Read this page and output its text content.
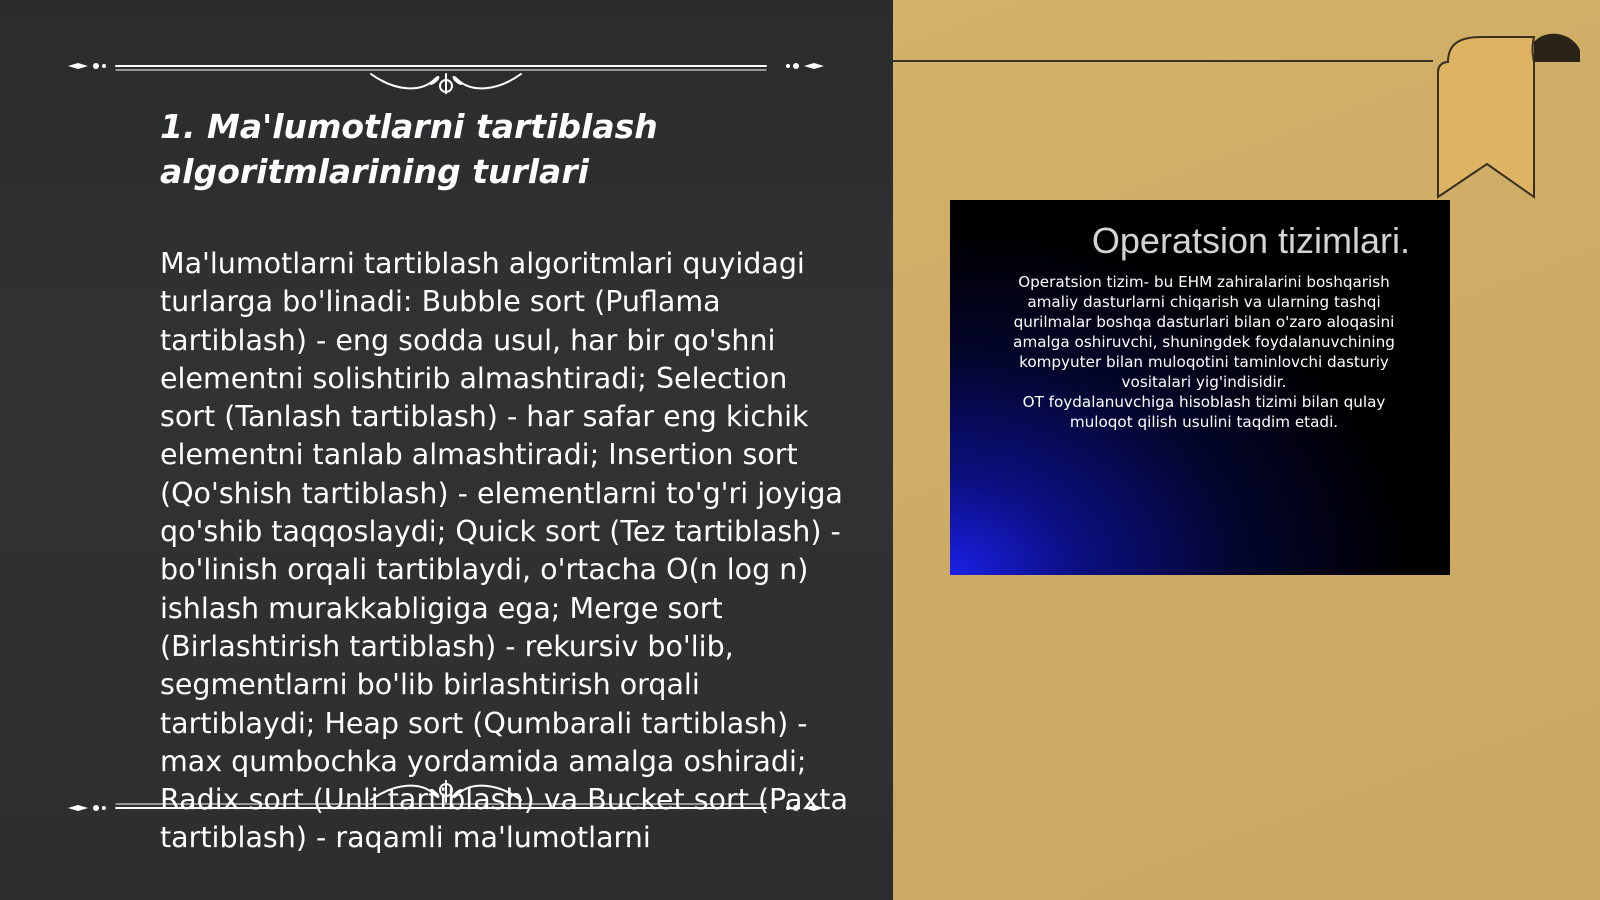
1. Ma'lumotlarni tartiblash algoritmlarining turlari

Ma'lumotlarni tartiblash algoritmlari quyidagi turlarga bo'linadi: Bubble sort (Puflama tartiblash) - eng sodda usul, har bir qo'shni elementni solishtirib almashtiradi; Selection sort (Tanlash tartiblash) - har safar eng kichik elementni tanlab almashtiradi; Insertion sort (Qo'shish tartiblash) - elementlarni to'g'ri joyiga qo'shib taqqoslaydi; Quick sort (Tez tartiblash) - bo'linish orqali tartiblaydi, o'rtacha O(n log n) ishlash murakkabligiga ega; Merge sort (Birlashtirish tartiblash) - rekursiv bo'lib, segmentlarni bo'lib birlashtirish orqali tartiblaydi; Heap sort (Qumbarali tartiblash) - max qumbochka yordamida amalga oshiradi; Radix sort (Unli tartiblash) va Bucket sort (Paxta tartiblash) - raqamli ma'lumotlarni

Operatsion tizimlari.

Operatsion tizim- bu EHM zahiralarini boshqarish amaliy dasturlarni chiqarish va ularning tashqi qurilmalar boshqa dasturlari bilan o'zaro aloqasini amalga oshiruvchi, shuningdek foydalanuvchining kompyuter bilan muloqotini taminlovchi dasturiy vositalari yig'indisidir.

OT foydalanuvchiga hisoblash tizimi bilan qulay muloqot qilish usulini taqdim etadi.
